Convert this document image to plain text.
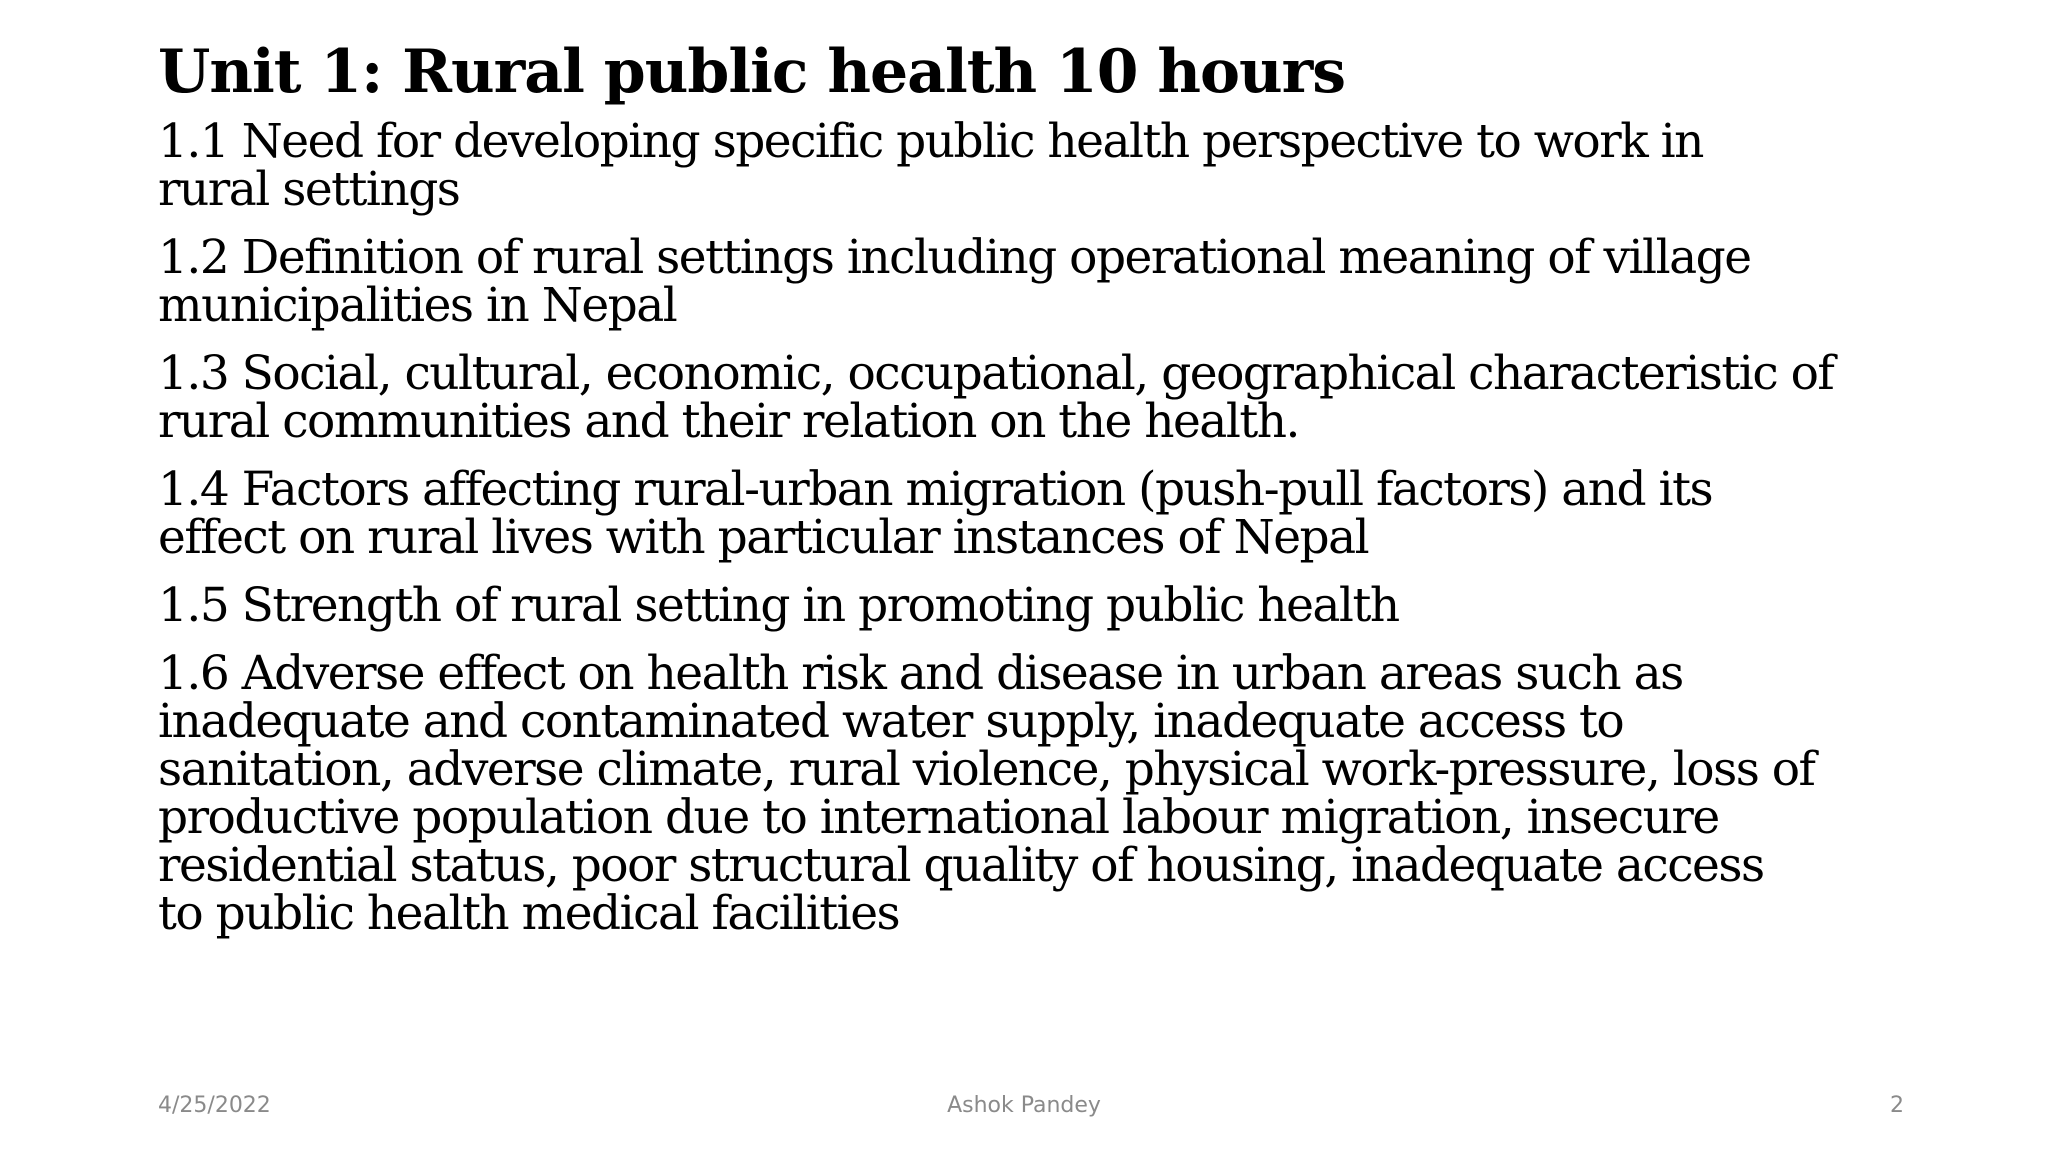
Unit 1: Rural public health 10 hours
1.1 Need for developing specific public health perspective to work in
rural settings
1.2 Definition of rural settings including operational meaning of village
municipalities in Nepal
1.3 Social, cultural, economic, occupational, geographical characteristic of
rural communities and their relation on the health.
1.4 Factors affecting rural-urban migration (push-pull factors) and its
effect on rural lives with particular instances of Nepal
1.5 Strength of rural setting in promoting public health
1.6 Adverse effect on health risk and disease in urban areas such as
inadequate and contaminated water supply, inadequate access to
sanitation, adverse climate, rural violence, physical work-pressure, loss of
productive population due to international labour migration, insecure
residential status, poor structural quality of housing, inadequate access
to public health medical facilities
4/25/2022	Ashok Pandey	2
